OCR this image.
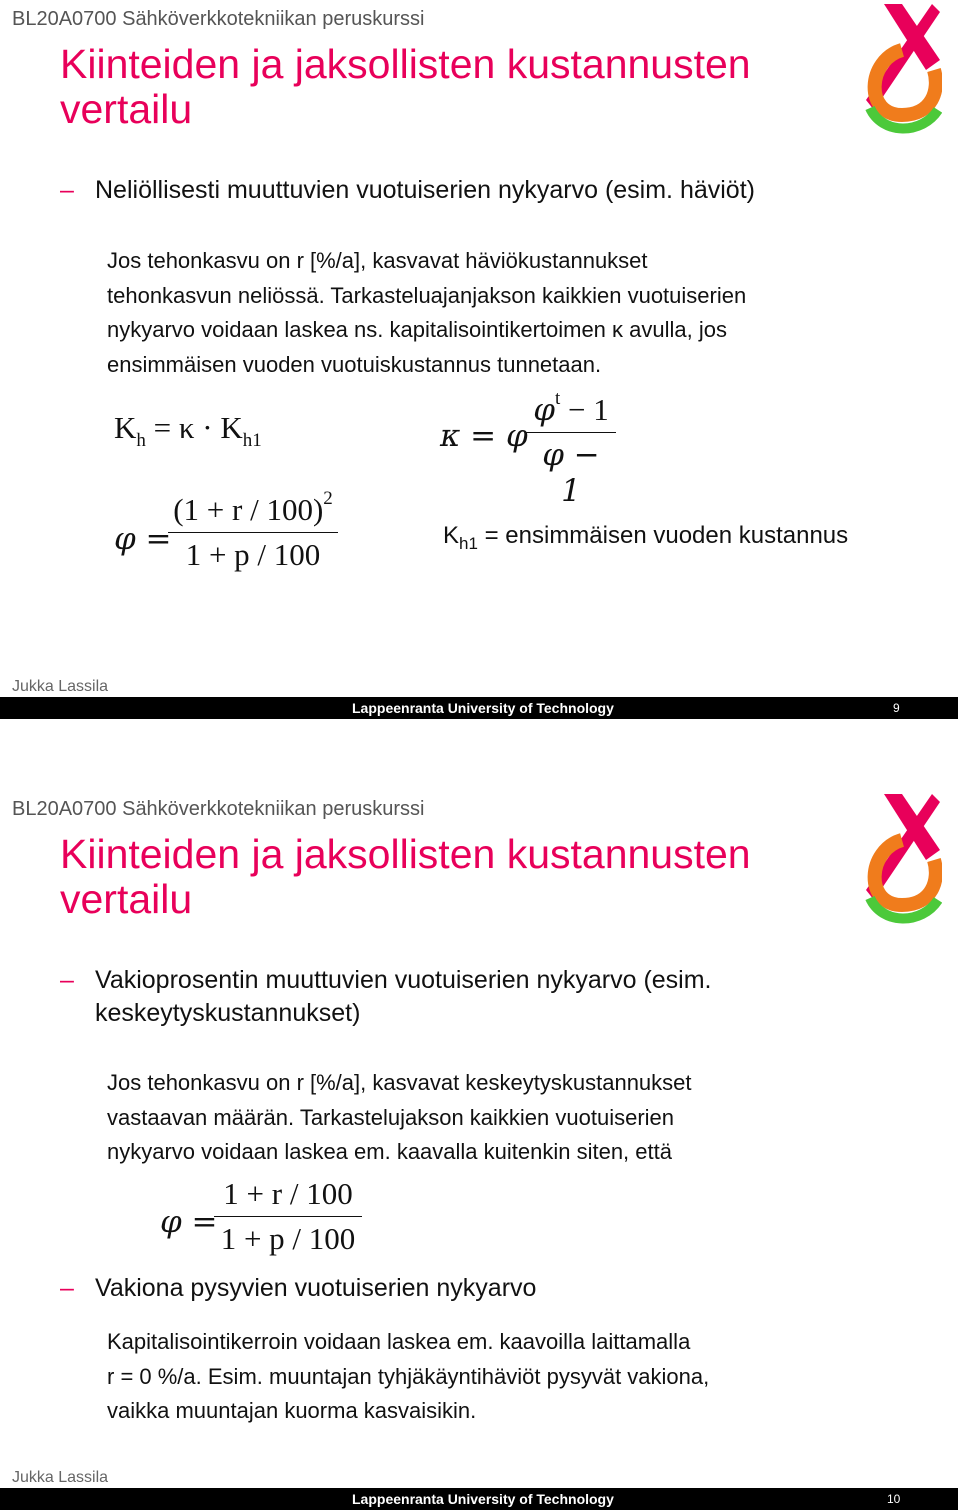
BL20A0700 Sähköverkkotekniikan peruskurssi
Kiinteiden ja jaksollisten kustannusten vertailu
– Neliöllisesti muuttuvien vuotuiserien nykyarvo (esim. häviöt)
Jos tehonkasvu on r [%/a], kasvavat häviökustannukset
tehonkasvun neliössä. Tarkasteluajanjakson kaikkien vuotuiserien
nykyarvo voidaan laskea ns. kapitalisointikertoimen κ avulla, jos
ensimmäisen vuoden vuotuiskustannus tunnetaan.
$K_h = \kappa \cdot K_{h1}$	κ = φ
$\varphi^t - 1$
φ − 1
φ =
$(1 + r / 100)^2$
1 + p / 100
$K_{h1}$ = ensimmäisen vuoden kustannus
Jukka Lassila
Lappeenranta University of Technology	9
BL20A0700 Sähköverkkotekniikan peruskurssi
Kiinteiden ja jaksollisten kustannusten vertailu
– Vakioprosentin muuttuvien vuotuiserien nykyarvo (esim. keskeytyskustannukset)
Jos tehonkasvu on r [%/a], kasvavat keskeytyskustannukset
vastaavan määrän. Tarkastelujakson kaikkien vuotuiserien
nykyarvo voidaan laskea em. kaavalla kuitenkin siten, että
φ =
1 + r / 100
1 + p / 100
– Vakiona pysyvien vuotuiserien nykyarvo
Kapitalisointikerroin voidaan laskea em. kaavoilla laittamalla
r = 0 %/a. Esim. muuntajan tyhjäkäyntihäviöt pysyvät vakiona,
vaikka muuntajan kuorma kasvaisikin.
Jukka Lassila
Lappeenranta University of Technology	10
